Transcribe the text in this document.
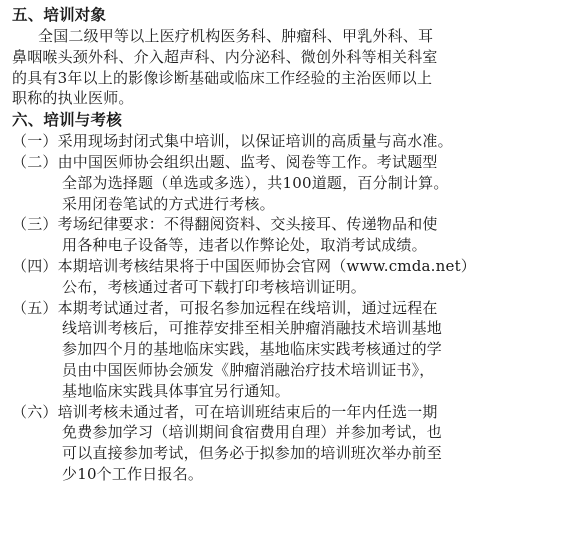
五、培训对象
全国二级甲等以上医疗机构医务科、肿瘤科、甲乳外科、耳
鼻咽喉头颈外科、介入超声科、内分泌科、微创外科等相关科室
的具有3年以上的影像诊断基础或临床工作经验的主治医师以上
职称的执业医师。
六、培训与考核
（一）采用现场封闭式集中培训，以保证培训的高质量与高水准。
（二）由中国医师协会组织出题、监考、阅卷等工作。考试题型
全部为选择题（单选或多选），共100道题，百分制计算。
采用闭卷笔试的方式进行考核。
（三）考场纪律要求：不得翻阅资料、交头接耳、传递物品和使
用各种电子设备等，违者以作弊论处，取消考试成绩。
（四）本期培训考核结果将于中国医师协会官网（www.cmda.net）
公布，考核通过者可下载打印考核培训证明。
（五）本期考试通过者，可报名参加远程在线培训，通过远程在
线培训考核后，可推荐安排至相关肿瘤消融技术培训基地
参加四个月的基地临床实践，基地临床实践考核通过的学
员由中国医师协会颁发《肿瘤消融治疗技术培训证书》，
基地临床实践具体事宜另行通知。
（六）培训考核未通过者，可在培训班结束后的一年内任选一期
免费参加学习（培训期间食宿费用自理）并参加考试，也
可以直接参加考试，但务必于拟参加的培训班次举办前至
少10个工作日报名。
